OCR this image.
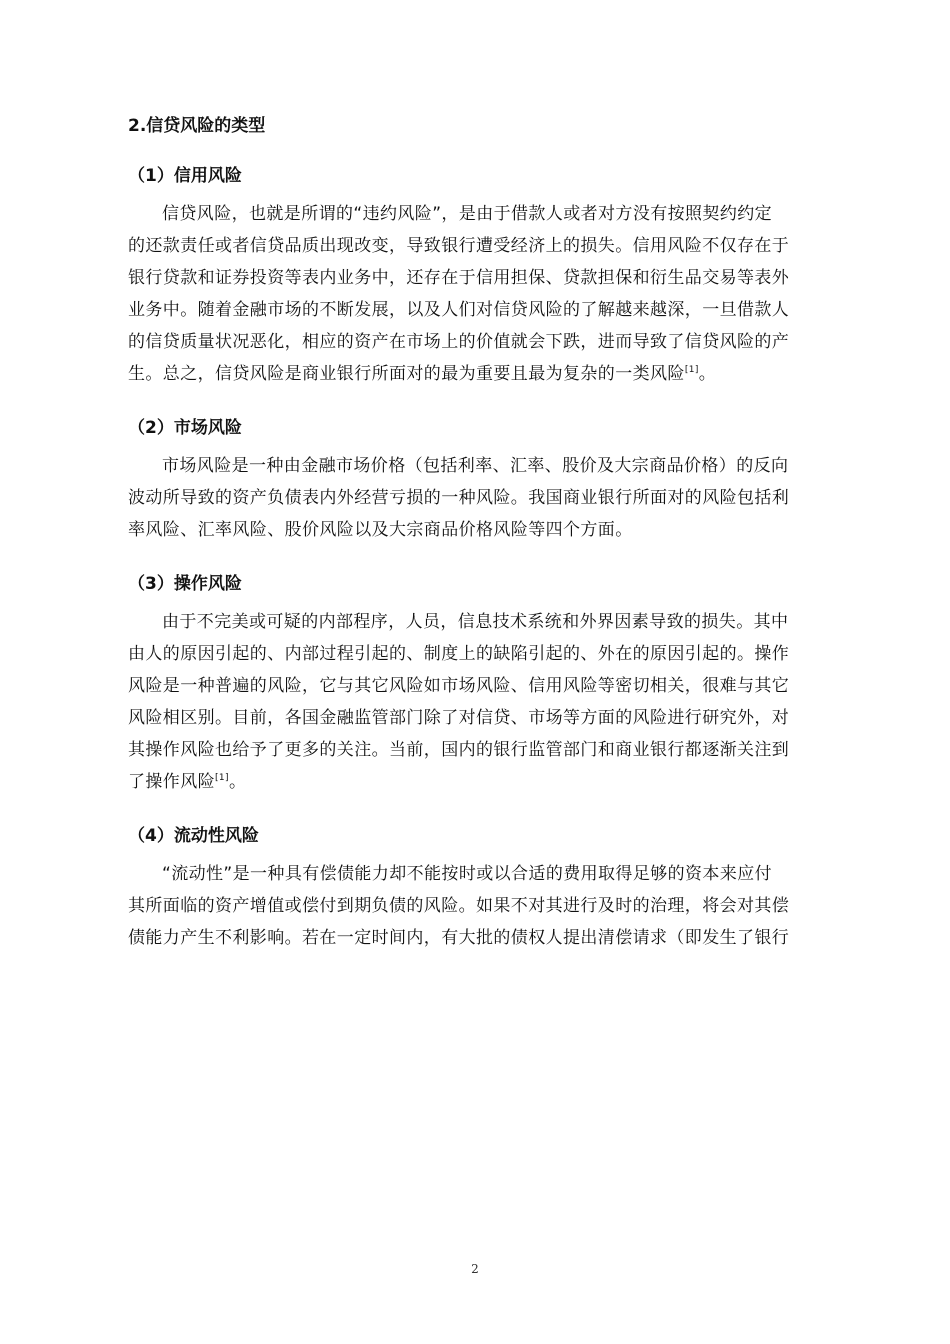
2.信贷风险的类型
（1）信用风险
信贷风险，也就是所谓的“违约风险”，是由于借款人或者对方没有按照契约约定
的还款责任或者信贷品质出现改变，导致银行遭受经济上的损失。信用风险不仅存在于
银行贷款和证券投资等表内业务中，还存在于信用担保、贷款担保和衍生品交易等表外
业务中。随着金融市场的不断发展，以及人们对信贷风险的了解越来越深，一旦借款人
的信贷质量状况恶化，相应的资产在市场上的价值就会下跌，进而导致了信贷风险的产
生。总之，信贷风险是商业银行所面对的最为重要且最为复杂的一类风险[1]。
（2）市场风险
市场风险是一种由金融市场价格（包括利率、汇率、股价及大宗商品价格）的反向
波动所导致的资产负债表内外经营亏损的一种风险。我国商业银行所面对的风险包括利
率风险、汇率风险、股价风险以及大宗商品价格风险等四个方面。
（3）操作风险
由于不完美或可疑的内部程序，人员，信息技术系统和外界因素导致的损失。其中
由人的原因引起的、内部过程引起的、制度上的缺陷引起的、外在的原因引起的。操作
风险是一种普遍的风险，它与其它风险如市场风险、信用风险等密切相关，很难与其它
风险相区别。目前，各国金融监管部门除了对信贷、市场等方面的风险进行研究外，对
其操作风险也给予了更多的关注。当前，国内的银行监管部门和商业银行都逐渐关注到
了操作风险[1]。
（4）流动性风险
“流动性”是一种具有偿债能力却不能按时或以合适的费用取得足够的资本来应付
其所面临的资产增值或偿付到期负债的风险。如果不对其进行及时的治理，将会对其偿
债能力产生不利影响。若在一定时间内，有大批的债权人提出清偿请求（即发生了银行
2
